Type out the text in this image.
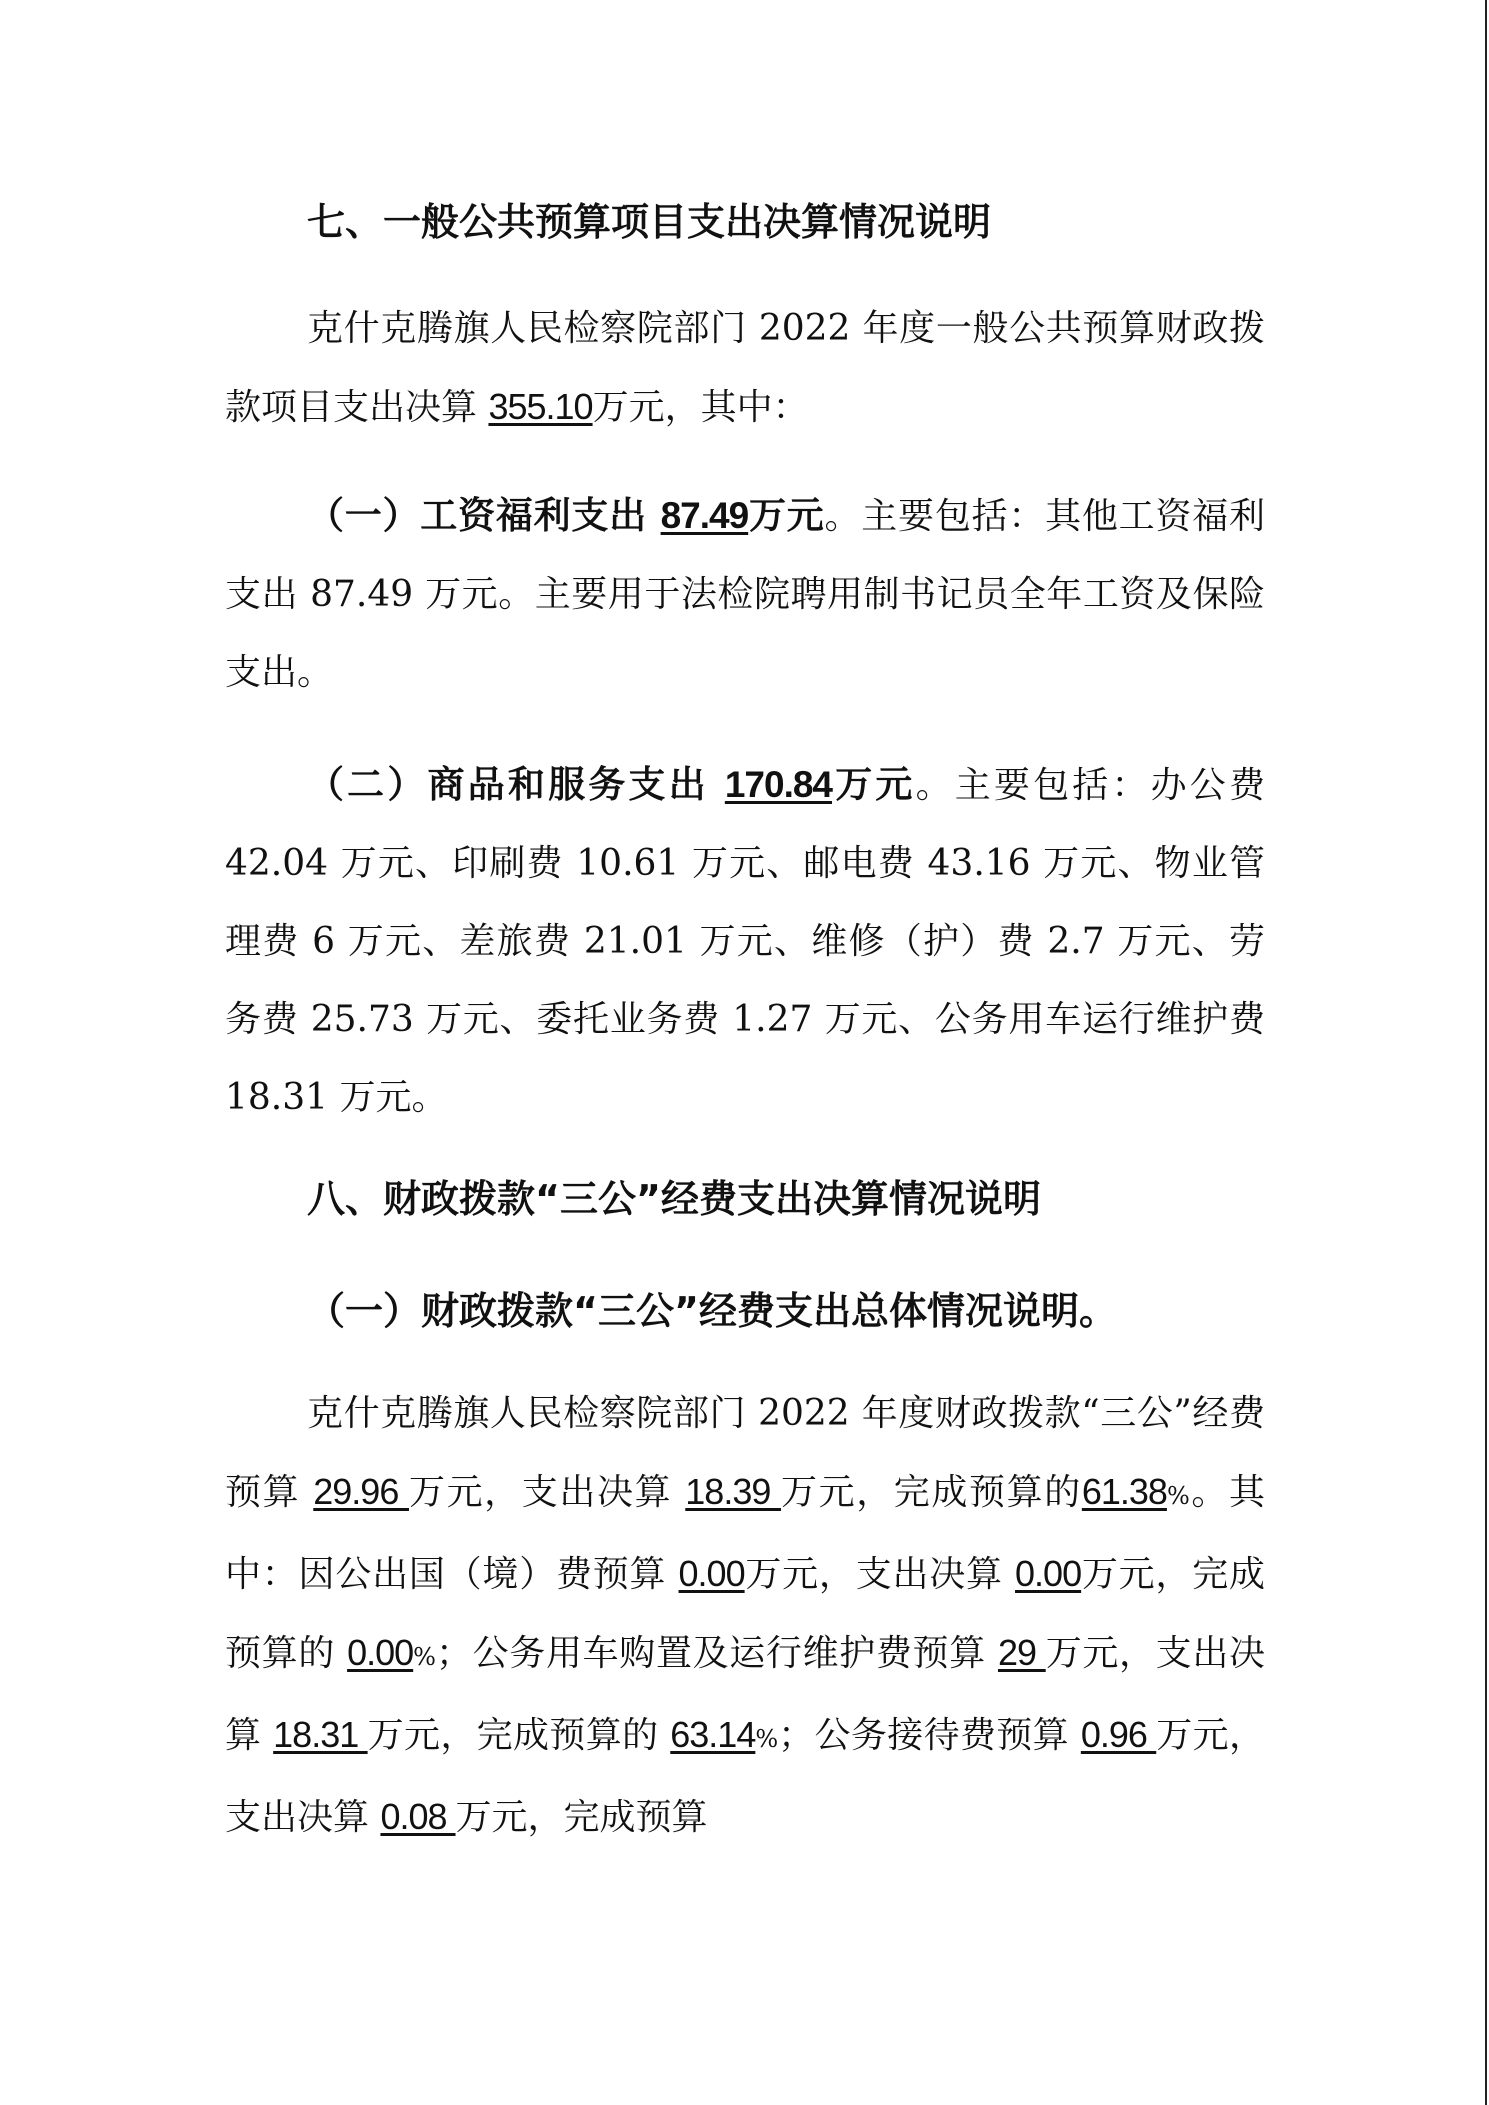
七、一般公共预算项目支出决算情况说明

克什克腾旗人民检察院部门 2022 年度一般公共预算财政拨款项目支出决算 355.10万元，其中：

（一）工资福利支出 87.49万元。主要包括：其他工资福利支出 87.49 万元。主要用于法检院聘用制书记员全年工资及保险支出。

（二）商品和服务支出 170.84万元。主要包括：办公费 42.04 万元、印刷费 10.61 万元、邮电费 43.16 万元、物业管理费 6 万元、差旅费 21.01 万元、维修（护）费 2.7 万元、劳务费 25.73 万元、委托业务费 1.27 万元、公务用车运行维护费 18.31 万元。

八、财政拨款“三公”经费支出决算情况说明

（一）财政拨款“三公”经费支出总体情况说明。

克什克腾旗人民检察院部门 2022 年度财政拨款“三公”经费预算 29.96 万元，支出决算 18.39 万元，完成预算的61.38%。其中：因公出国（境）费预算 0.00万元，支出决算 0.00万元，完成预算的 0.00%；公务用车购置及运行维护费预算 29 万元，支出决算 18.31 万元，完成预算的 63.14%；公务接待费预算 0.96 万元，支出决算 0.08 万元，完成预算
